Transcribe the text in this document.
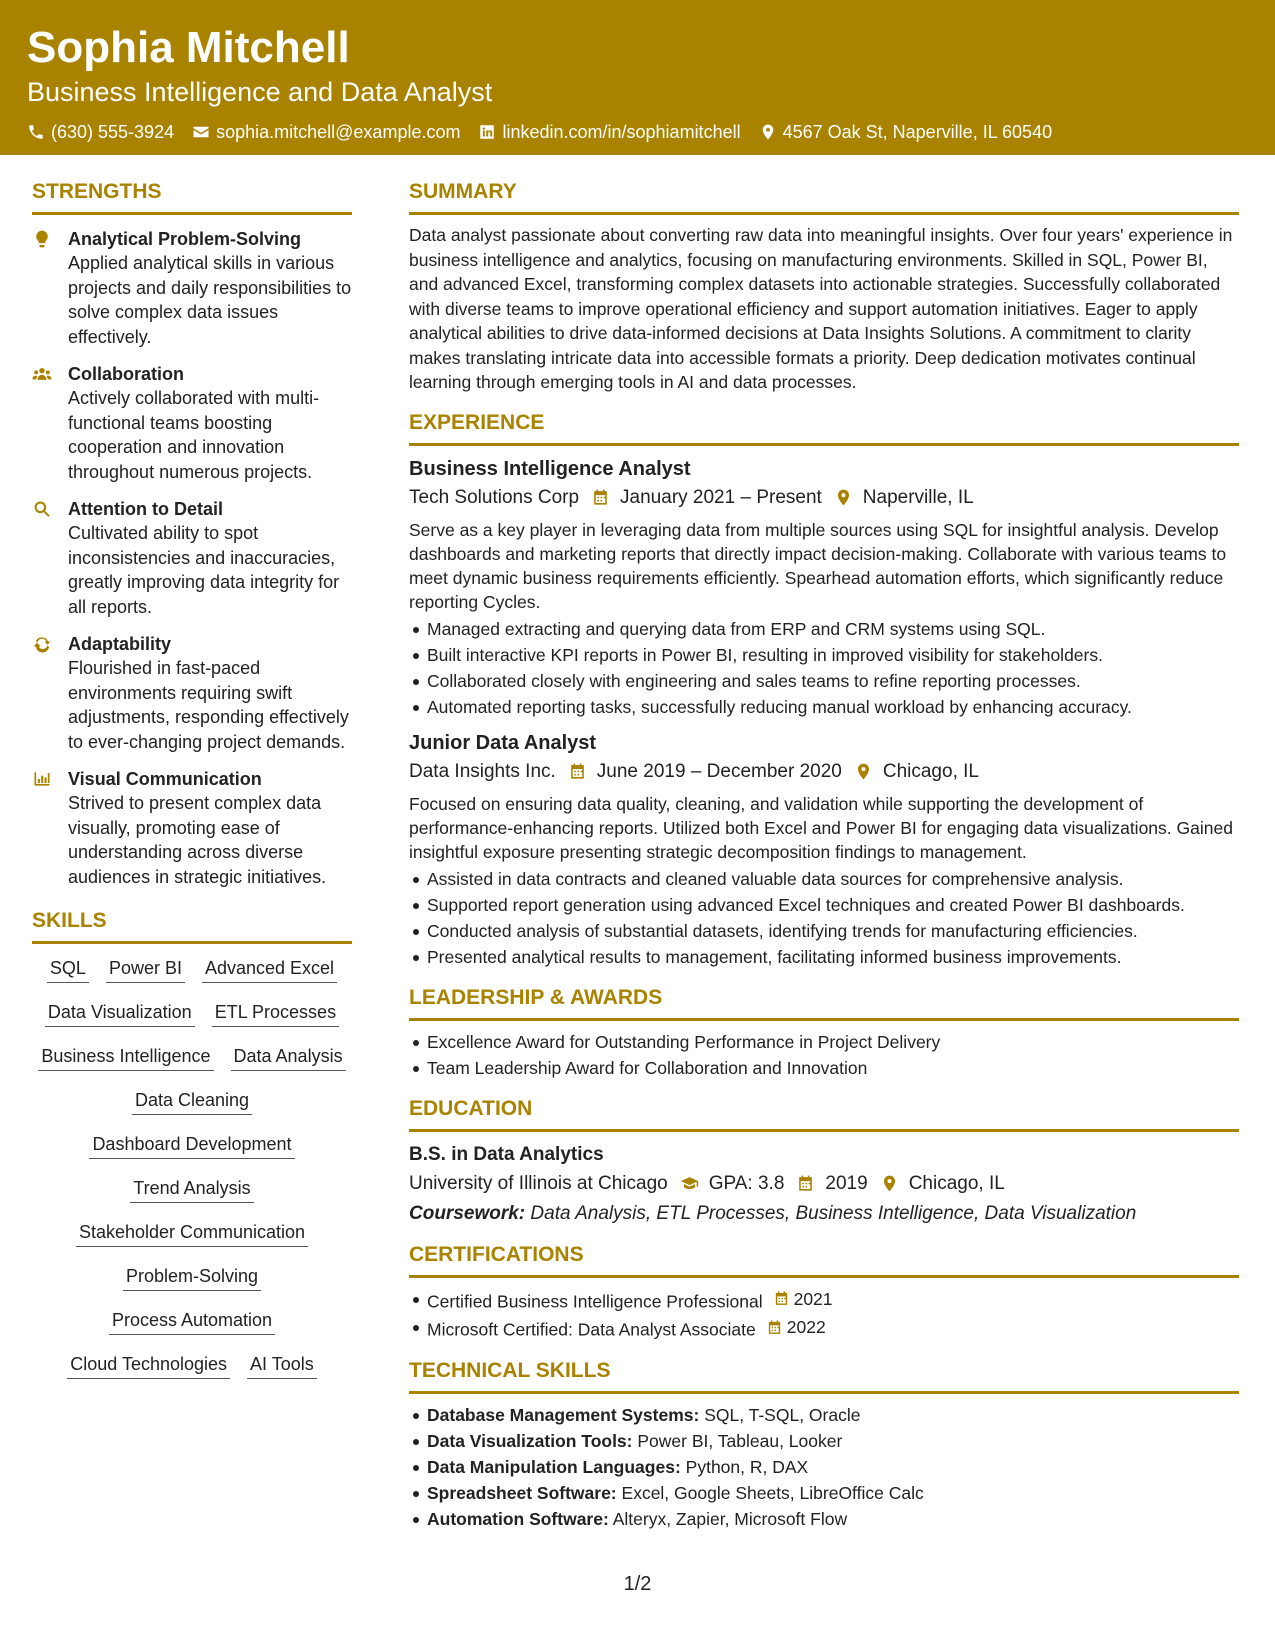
Sophia Mitchell
Business Intelligence and Data Analyst
(630) 555-3924 sophia.mitchell@example.com linkedin.com/in/sophiamitchell 4567 Oak St, Naperville, IL 60540
STRENGTHS
Analytical Problem-Solving
Applied analytical skills in various projects and daily responsibilities to solve complex data issues effectively.
Collaboration
Actively collaborated with multi-functional teams boosting cooperation and innovation throughout numerous projects.
Attention to Detail
Cultivated ability to spot inconsistencies and inaccuracies, greatly improving data integrity for all reports.
Adaptability
Flourished in fast-paced environments requiring swift adjustments, responding effectively to ever-changing project demands.
Visual Communication
Strived to present complex data visually, promoting ease of understanding across diverse audiences in strategic initiatives.
SKILLS
SQL Power BI Advanced Excel
Data Visualization ETL Processes
Business Intelligence Data Analysis
Data Cleaning
Dashboard Development
Trend Analysis
Stakeholder Communication
Problem-Solving
Process Automation
Cloud Technologies AI Tools
SUMMARY
Data analyst passionate about converting raw data into meaningful insights. Over four years' experience in business intelligence and analytics, focusing on manufacturing environments. Skilled in SQL, Power BI, and advanced Excel, transforming complex datasets into actionable strategies. Successfully collaborated with diverse teams to improve operational efficiency and support automation initiatives. Eager to apply analytical abilities to drive data-informed decisions at Data Insights Solutions. A commitment to clarity makes translating intricate data into accessible formats a priority. Deep dedication motivates continual learning through emerging tools in AI and data processes.
EXPERIENCE
Business Intelligence Analyst
Tech Solutions Corp January 2021 – Present Naperville, IL
Serve as a key player in leveraging data from multiple sources using SQL for insightful analysis. Develop dashboards and marketing reports that directly impact decision-making. Collaborate with various teams to meet dynamic business requirements efficiently. Spearhead automation efforts, which significantly reduce reporting Cycles.
Managed extracting and querying data from ERP and CRM systems using SQL.
Built interactive KPI reports in Power BI, resulting in improved visibility for stakeholders.
Collaborated closely with engineering and sales teams to refine reporting processes.
Automated reporting tasks, successfully reducing manual workload by enhancing accuracy.
Junior Data Analyst
Data Insights Inc. June 2019 – December 2020 Chicago, IL
Focused on ensuring data quality, cleaning, and validation while supporting the development of performance-enhancing reports. Utilized both Excel and Power BI for engaging data visualizations. Gained insightful exposure presenting strategic decomposition findings to management.
Assisted in data contracts and cleaned valuable data sources for comprehensive analysis.
Supported report generation using advanced Excel techniques and created Power BI dashboards.
Conducted analysis of substantial datasets, identifying trends for manufacturing efficiencies.
Presented analytical results to management, facilitating informed business improvements.
LEADERSHIP & AWARDS
Excellence Award for Outstanding Performance in Project Delivery
Team Leadership Award for Collaboration and Innovation
EDUCATION
B.S. in Data Analytics
University of Illinois at Chicago GPA: 3.8 2019 Chicago, IL
Coursework: Data Analysis, ETL Processes, Business Intelligence, Data Visualization
CERTIFICATIONS
Certified Business Intelligence Professional 2021
Microsoft Certified: Data Analyst Associate 2022
TECHNICAL SKILLS
Database Management Systems: SQL, T-SQL, Oracle
Data Visualization Tools: Power BI, Tableau, Looker
Data Manipulation Languages: Python, R, DAX
Spreadsheet Software: Excel, Google Sheets, LibreOffice Calc
Automation Software: Alteryx, Zapier, Microsoft Flow
1/2
